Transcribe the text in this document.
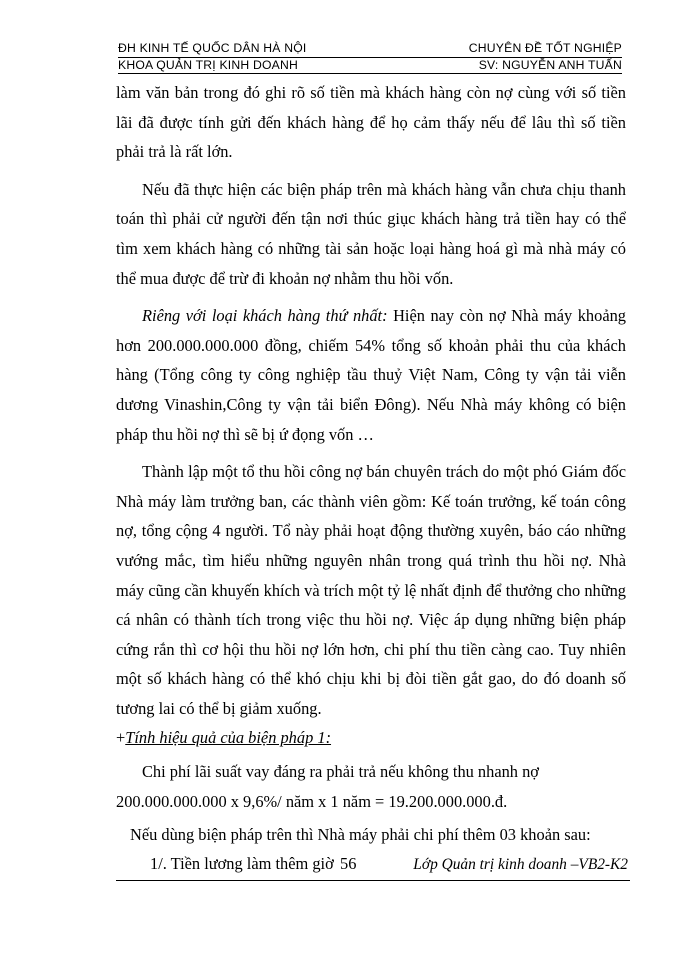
ĐH KINH TẾ QUỐC DÂN HÀ NỘI	CHUYÊN ĐỀ TỐT NGHIỆP
KHOA QUẢN TRỊ KINH DOANH	SV: NGUYỄN ANH TUẤN

làm văn bản trong đó ghi rõ số tiền mà khách hàng còn nợ cùng với số tiền lãi đã được tính gửi đến khách hàng để họ cảm thấy nếu để lâu thì số tiền phải trả là rất lớn.

Nếu đã thực hiện các biện pháp trên mà khách hàng vẫn chưa chịu thanh toán thì phải cử người đến tận nơi thúc giục khách hàng trả tiền hay có thể tìm xem khách hàng có những tài sản hoặc loại hàng hoá gì mà nhà máy có thể mua được để trừ đi khoản nợ nhằm thu hồi vốn.

Riêng với loại khách hàng thứ nhất: Hiện nay còn nợ Nhà máy khoảng hơn 200.000.000.000 đồng, chiếm 54% tổng số khoản phải thu của khách hàng (Tổng công ty công nghiệp tầu thuỷ Việt Nam, Công ty vận tải viễn dương Vinashin,Công ty vận tải biển Đông). Nếu Nhà máy không có biện pháp thu hồi nợ thì sẽ bị ứ đọng vốn …

Thành lập một tổ thu hồi công nợ bán chuyên trách do một phó Giám đốc Nhà máy làm trưởng ban, các thành viên gồm: Kế toán trưởng, kế toán công nợ, tổng cộng 4 người. Tổ này phải hoạt động thường xuyên, báo cáo những vướng mắc, tìm hiểu những nguyên nhân trong quá trình thu hồi nợ. Nhà máy cũng cần khuyến khích và trích một tỷ lệ nhất định để thưởng cho những cá nhân có thành tích trong việc thu hồi nợ. Việc áp dụng những biện pháp cứng rắn thì cơ hội thu hồi nợ lớn hơn, chi phí thu tiền càng cao. Tuy nhiên một số khách hàng có thể khó chịu khi bị đòi tiền gắt gao, do đó doanh số tương lai có thể bị giảm xuống.

+Tính hiệu quả của biện pháp 1:

Chi phí lãi suất vay đáng ra phải trả nếu không thu nhanh nợ

200.000.000.000 x 9,6%/ năm x 1 năm = 19.200.000.000.đ.

Nếu dùng biện pháp trên thì Nhà máy phải chi phí thêm 03 khoản sau:

1/. Tiền lương làm thêm giờ 56	Lớp Quản trị kinh doanh –VB2-K2
